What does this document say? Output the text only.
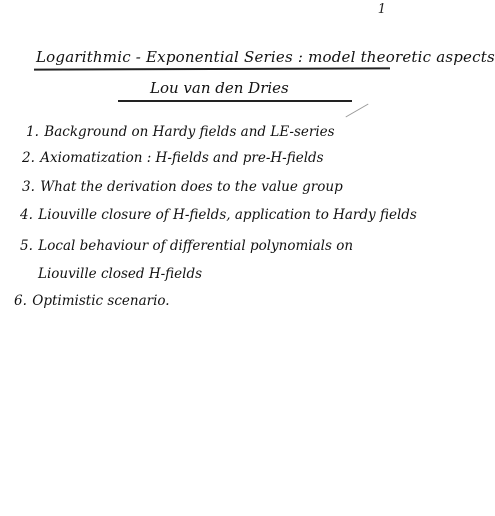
1
Logarithmic - Exponential Series : model theoretic aspects
Lou van den Dries
1. Background on Hardy fields and LE-series
2. Axiomatization : H-fields and pre-H-fields
3. What the derivation does to the value group
4. Liouville closure of H-fields, application to Hardy fields
5. Local behaviour of differential polynomials on
Liouville closed H-fields
6. Optimistic scenario.
